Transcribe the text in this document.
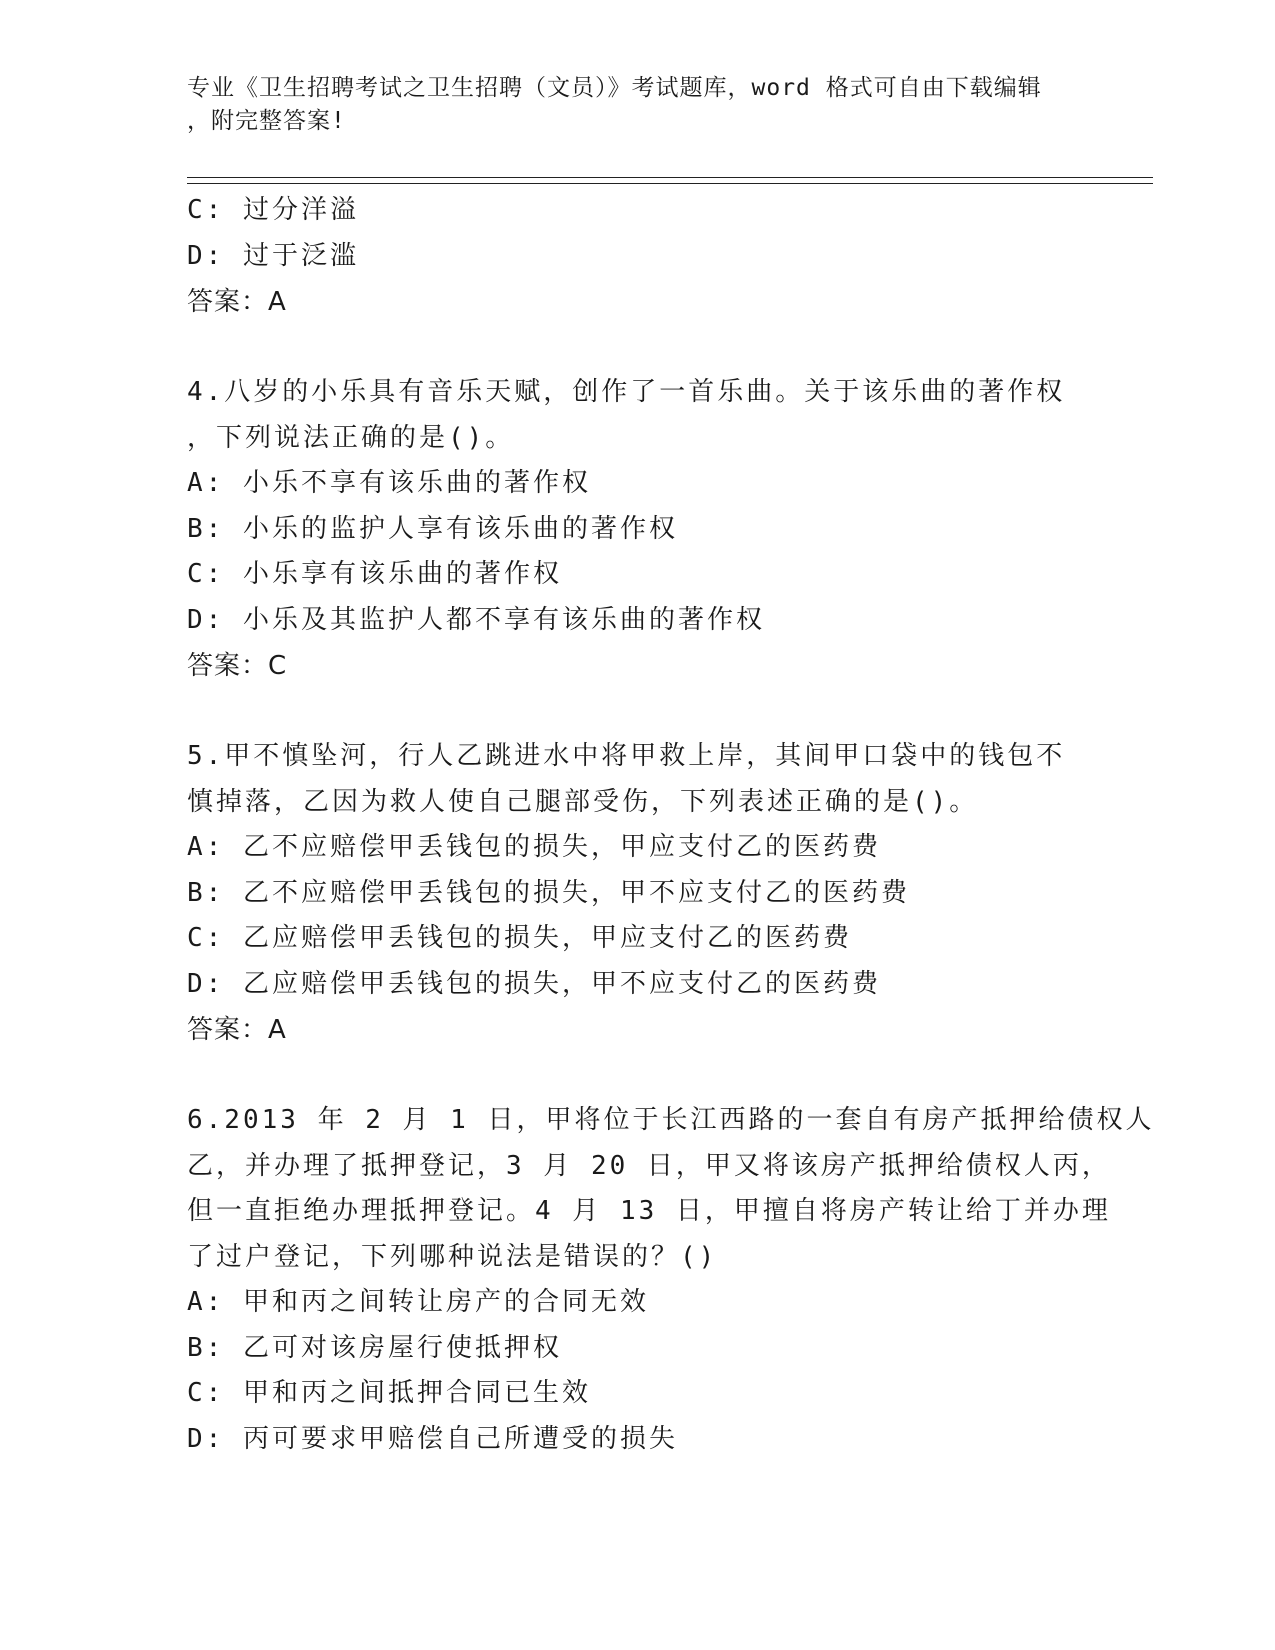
专业《卫生招聘考试之卫生招聘（文员）》考试题库，word 格式可自由下载编辑
，附完整答案!
C: 过分洋溢
D: 过于泛滥
答案：A
4.八岁的小乐具有音乐天赋，创作了一首乐曲。关于该乐曲的著作权
，下列说法正确的是()。
A: 小乐不享有该乐曲的著作权
B: 小乐的监护人享有该乐曲的著作权
C: 小乐享有该乐曲的著作权
D: 小乐及其监护人都不享有该乐曲的著作权
答案：C
5.甲不慎坠河，行人乙跳进水中将甲救上岸，其间甲口袋中的钱包不
慎掉落，乙因为救人使自己腿部受伤，下列表述正确的是()。
A: 乙不应赔偿甲丢钱包的损失，甲应支付乙的医药费
B: 乙不应赔偿甲丢钱包的损失，甲不应支付乙的医药费
C: 乙应赔偿甲丢钱包的损失，甲应支付乙的医药费
D: 乙应赔偿甲丢钱包的损失，甲不应支付乙的医药费
答案：A
6.2013 年 2 月 1 日，甲将位于长江西路的一套自有房产抵押给债权人
乙，并办理了抵押登记，3 月 20 日，甲又将该房产抵押给债权人丙，
但一直拒绝办理抵押登记。4 月 13 日，甲擅自将房产转让给丁并办理
了过户登记，下列哪种说法是错误的？()
A: 甲和丙之间转让房产的合同无效
B: 乙可对该房屋行使抵押权
C: 甲和丙之间抵押合同已生效
D: 丙可要求甲赔偿自己所遭受的损失
